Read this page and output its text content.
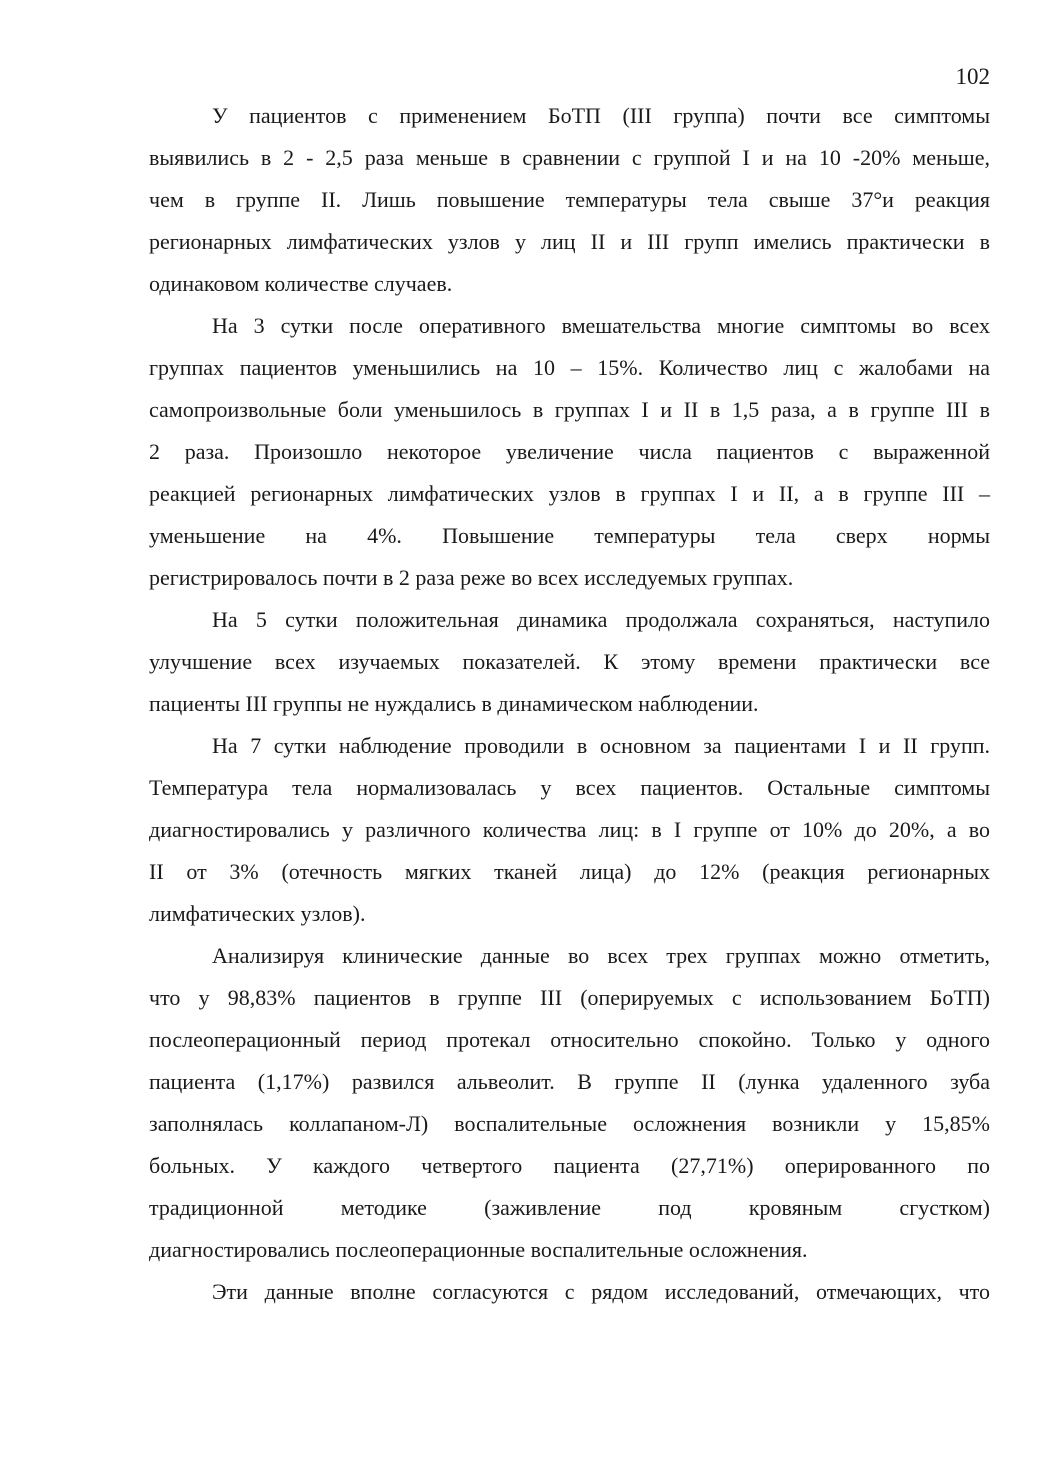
102
У пациентов с применением БоТП (III группа) почти все симптомы
выявились в 2 - 2,5 раза меньше в сравнении с группой I и на 10 -20% меньше,
чем в группе II. Лишь повышение температуры тела свыше 37°и реакция
регионарных лимфатических узлов у лиц II и III групп имелись практически в
одинаковом количестве случаев.
На 3 сутки после оперативного вмешательства многие симптомы во всех
группах пациентов уменьшились на 10 – 15%. Количество лиц с жалобами на
самопроизвольные боли уменьшилось в группах I и II в 1,5 раза, а в группе III в
2 раза. Произошло некоторое увеличение числа пациентов с выраженной
реакцией регионарных лимфатических узлов в группах I и II, а в группе III –
уменьшение на 4%. Повышение температуры тела сверх нормы
регистрировалось почти в 2 раза реже во всех исследуемых группах.
На 5 сутки положительная динамика продолжала сохраняться, наступило
улучшение всех изучаемых показателей. К этому времени практически все
пациенты III группы не нуждались в динамическом наблюдении.
На 7 сутки наблюдение проводили в основном за пациентами I и II групп.
Температура тела нормализовалась у всех пациентов. Остальные симптомы
диагностировались у различного количества лиц: в I группе от 10% до 20%, а во
II от 3% (отечность мягких тканей лица) до 12% (реакция регионарных
лимфатических узлов).
Анализируя клинические данные во всех трех группах можно отметить,
что у 98,83% пациентов в группе III (оперируемых с использованием БоТП)
послеоперационный период протекал относительно спокойно. Только у одного
пациента (1,17%) развился альвеолит. В группе II (лунка удаленного зуба
заполнялась коллапаном-Л) воспалительные осложнения возникли у 15,85%
больных. У каждого четвертого пациента (27,71%) оперированного по
традиционной методике (заживление под кровяным сгустком)
диагностировались послеоперационные воспалительные осложнения.
Эти данные вполне согласуются с рядом исследований, отмечающих, что
